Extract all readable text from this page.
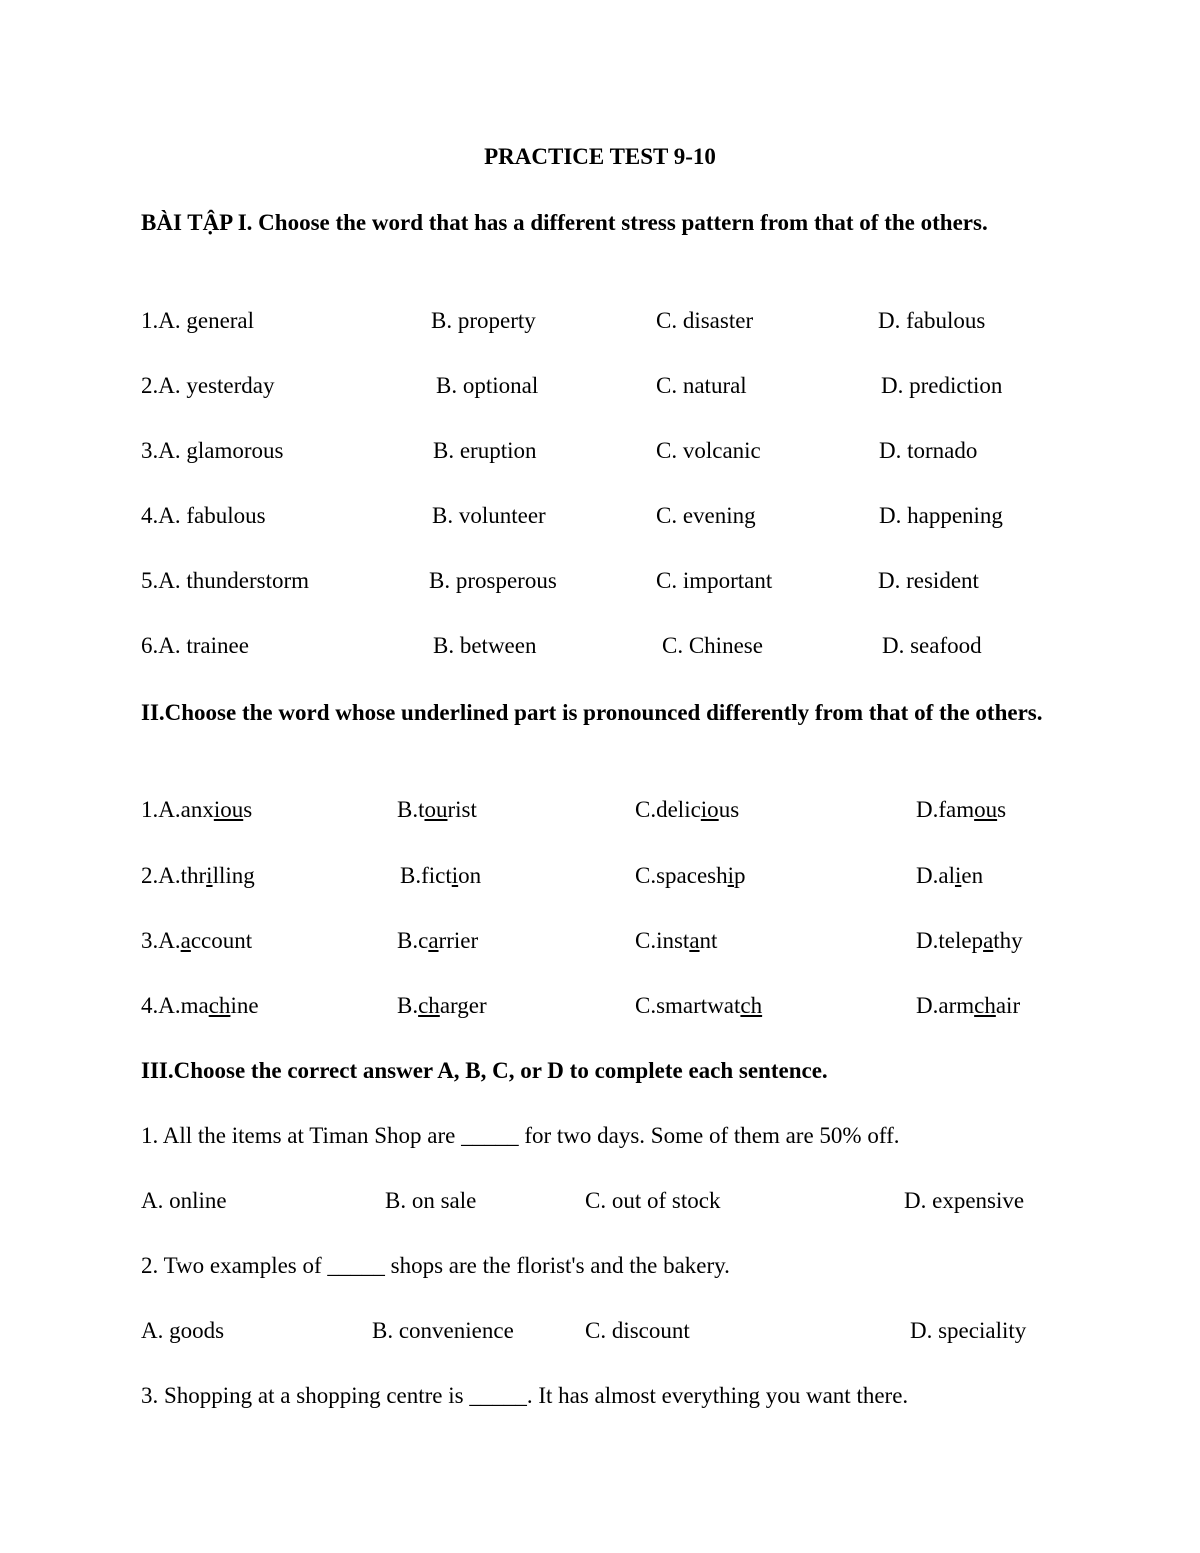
PRACTICE TEST 9-10

BÀI TẬP I. Choose the word that has a different stress pattern from that of the others.

1.A. general	B. property	C. disaster	D. fabulous
2.A. yesterday	B. optional	C. natural	D. prediction
3.A. glamorous	B. eruption	C. volcanic	D. tornado
4.A. fabulous	B. volunteer	C. evening	D. happening
5.A. thunderstorm	B. prosperous	C. important	D. resident
6.A. trainee	B. between	C. Chinese	D. seafood

II.Choose the word whose underlined part is pronounced differently from that of the others.

1.A.anxious	B.tourist	C.delicious	D.famous
2.A.thrilling	B.fiction	C.spaceship	D.alien
3.A.account	B.carrier	C.instant	D.telepathy
4.A.machine	B.charger	C.smartwatch	D.armchair

III.Choose the correct answer A, B, C, or D to complete each sentence.

1. All the items at Timan Shop are _____ for two days. Some of them are 50% off.

A. online	B. on sale	C. out of stock	D. expensive

2. Two examples of _____ shops are the florist's and the bakery.

A. goods	B. convenience	C. discount	D. speciality

3. Shopping at a shopping centre is _____. It has almost everything you want there.
